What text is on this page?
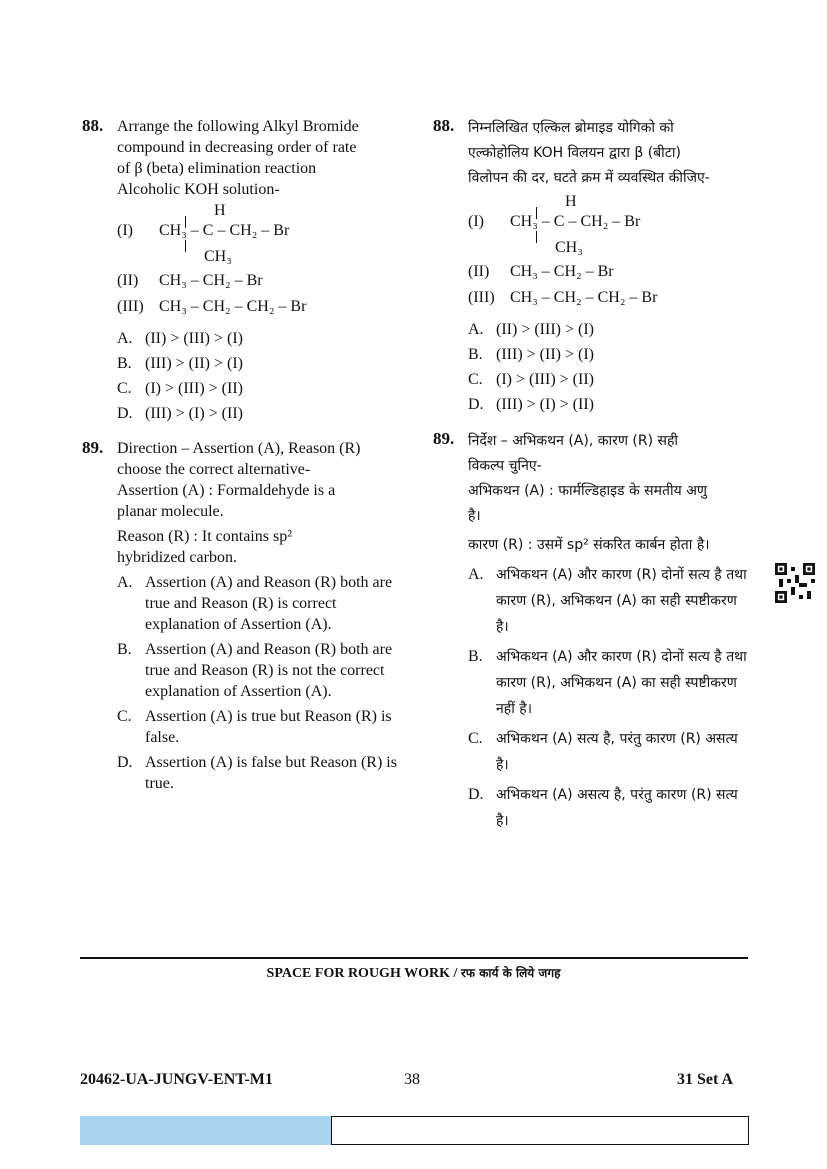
88. Arrange the following Alkyl Bromide
compound in decreasing order of rate
of β (beta) elimination reaction
Alcoholic KOH solution-
H
(I) CH₃ – C – CH₂ – Br
CH₃
(II) CH₃ – CH₂ – Br
(III) CH₃ – CH₂ – CH₂ – Br
A. (II) > (III) > (I)
B. (III) > (II) > (I)
C. (I) > (III) > (II)
D. (III) > (I) > (II)
89. Direction – Assertion (A), Reason (R)
choose the correct alternative-
Assertion (A) : Formaldehyde is a
planar molecule.
Reason (R) : It contains sp²
hybridized carbon.
A. Assertion (A) and Reason (R) both are true and Reason (R) is correct explanation of Assertion (A).
B. Assertion (A) and Reason (R) both are true and Reason (R) is not the correct explanation of Assertion (A).
C. Assertion (A) is true but Reason (R) is false.
D. Assertion (A) is false but Reason (R) is true.
88. निम्नलिखित एल्किल ब्रोमाइड योगिको को
एल्कोहोलिय KOH विलयन द्वारा β (बीटा)
विलोपन की दर, घटते क्रम में व्यवस्थित कीजिए-
H
(I) CH₃ – C – CH₂ – Br
CH₃
(II) CH₃ – CH₂ – Br
(III) CH₃ – CH₂ – CH₂ – Br
A. (II) > (III) > (I)
B. (III) > (II) > (I)
C. (I) > (III) > (II)
D. (III) > (I) > (II)
89. निर्देश – अभिकथन (A), कारण (R) सही
विकल्प चुनिए-
अभिकथन (A) : फार्मल्डिहाइड के समतीय अणु
है।
कारण (R) : उसमें sp² संकरित कार्बन होता है।
A. अभिकथन (A) और कारण (R) दोनों सत्य है तथा कारण (R), अभिकथन (A) का सही स्पष्टीकरण है।
B. अभिकथन (A) और कारण (R) दोनों सत्य है तथा कारण (R), अभिकथन (A) का सही स्पष्टीकरण नहीं है।
C. अभिकथन (A) सत्य है, परंतु कारण (R) असत्य है।
D. अभिकथन (A) असत्य है, परंतु कारण (R) सत्य है।
SPACE FOR ROUGH WORK / रफ कार्य के लिये जगह
20462-UA-JUNGV-ENT-M1	38	31 Set A
